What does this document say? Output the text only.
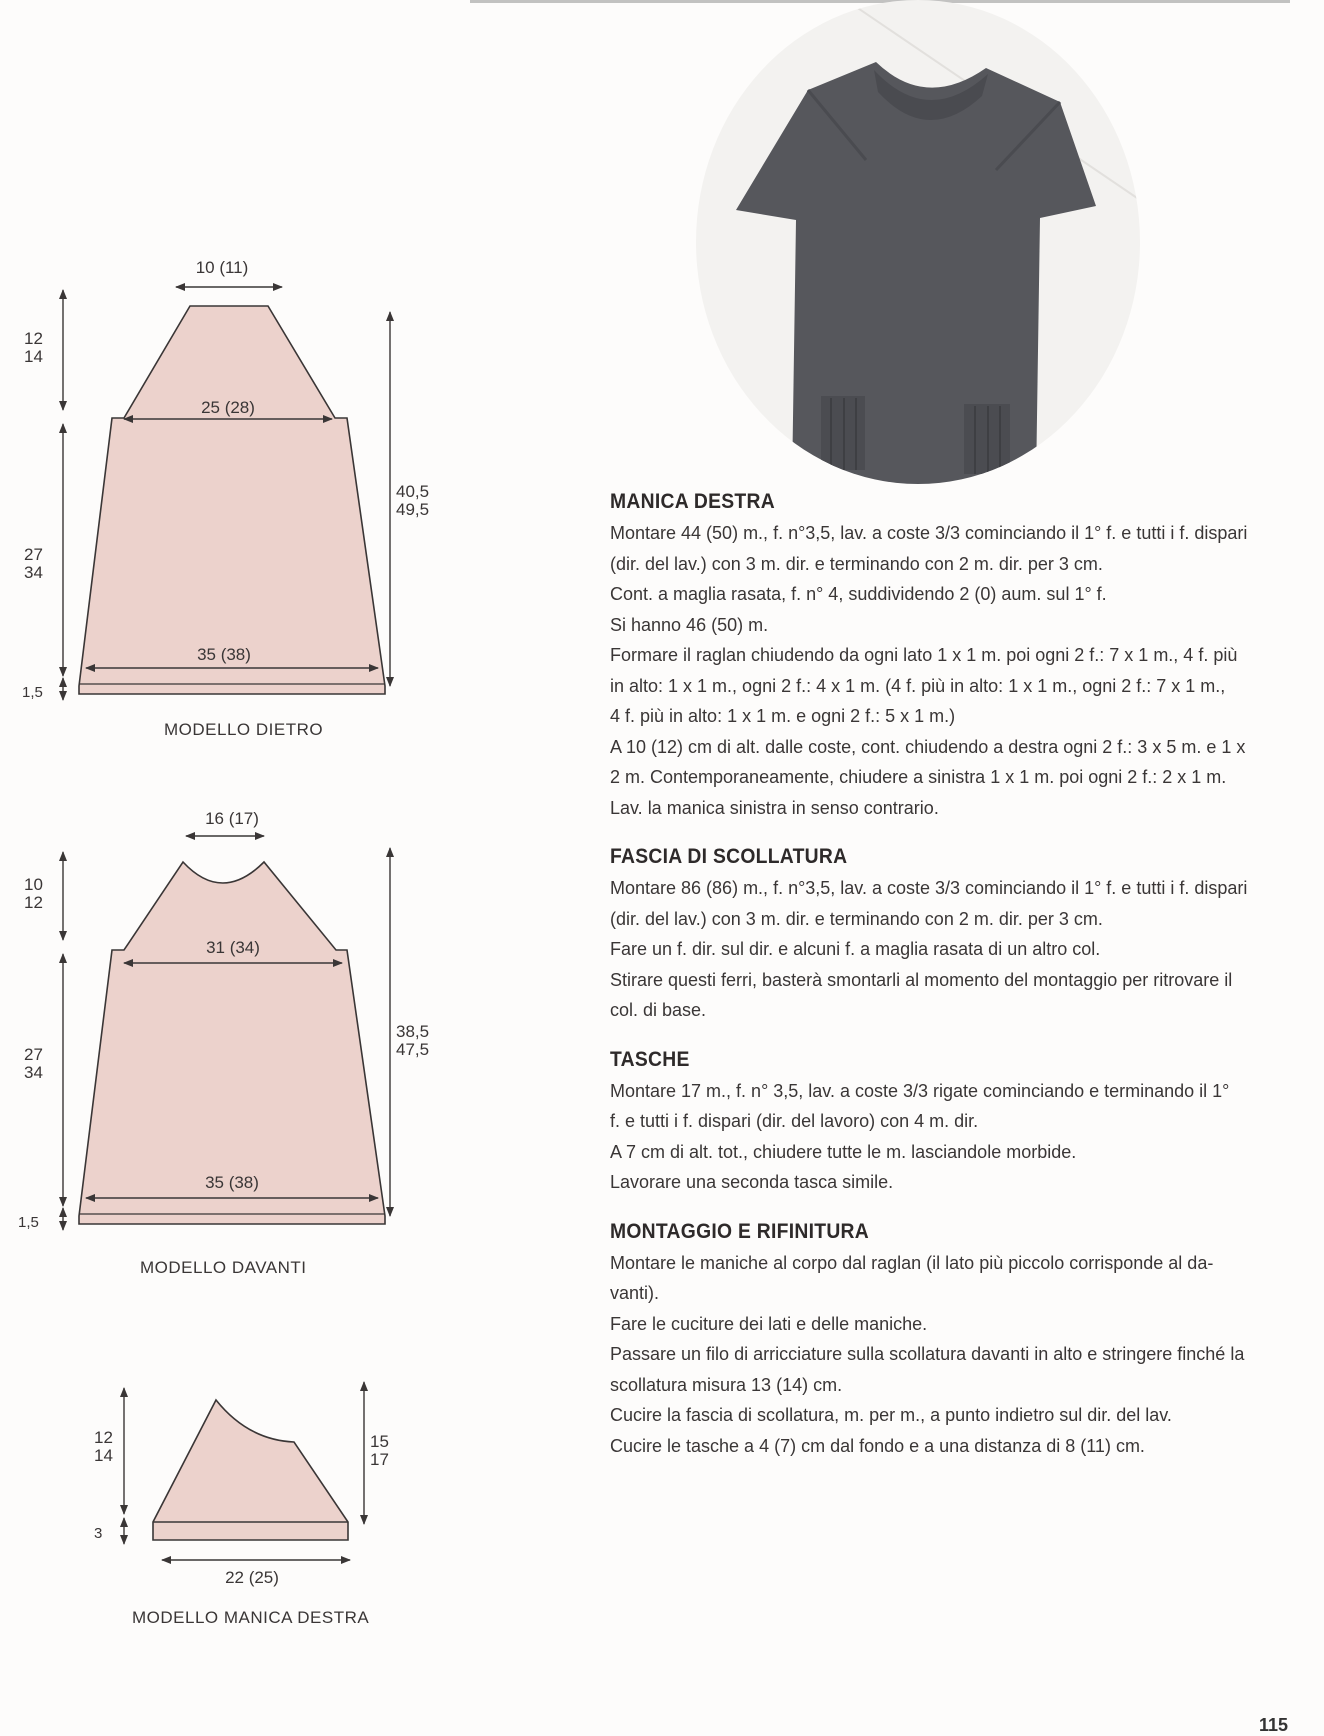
10 (11)
25 (28)
35 (38)
12 14
27 34
1,5
40,5 49,5
16 (17)
31 (34)
35 (38)
10 12
27 34
1,5
38,5 47,5
22 (25)
12 14
3
15 17
MODELLO DIETRO
MODELLO DAVANTI
MODELLO MANICA DESTRA
MANICA DESTRA

Montare 44 (50) m., f. n°3,5, lav. a coste 3/3 cominciando il 1° f. e tutti i f. dispari

(dir. del lav.) con 3 m. dir. e terminando con 2 m. dir. per 3 cm.

Cont. a maglia rasata, f. n° 4, suddividendo 2 (0) aum. sul 1° f.

Si hanno 46 (50) m.

Formare il raglan chiudendo da ogni lato 1 x 1 m. poi ogni 2 f.: 7 x 1 m., 4 f. più

in alto: 1 x 1 m., ogni 2 f.: 4 x 1 m. (4 f. più in alto: 1 x 1 m., ogni 2 f.: 7 x 1 m.,

4 f. più in alto: 1 x 1 m. e ogni 2 f.: 5 x 1 m.)

A 10 (12) cm di alt. dalle coste, cont. chiudendo a destra ogni 2 f.: 3 x 5 m. e 1 x

2 m. Contemporaneamente, chiudere a sinistra 1 x 1 m. poi ogni 2 f.: 2 x 1 m.

Lav. la manica sinistra in senso contrario.

FASCIA DI SCOLLATURA

Montare 86 (86) m., f. n°3,5, lav. a coste 3/3 cominciando il 1° f. e tutti i f. dispari

(dir. del lav.) con 3 m. dir. e terminando con 2 m. dir. per 3 cm.

Fare un f. dir. sul dir. e alcuni f. a maglia rasata di un altro col.

Stirare questi ferri, basterà smontarli al momento del montaggio per ritrovare il

col. di base.

TASCHE

Montare 17 m., f. n° 3,5, lav. a coste 3/3 rigate cominciando e terminando il 1°

f. e tutti i f. dispari (dir. del lavoro) con 4 m. dir.

A 7 cm di alt. tot., chiudere tutte le m. lasciandole morbide.

Lavorare una seconda tasca simile.

MONTAGGIO E RIFINITURA

Montare le maniche al corpo dal raglan (il lato più piccolo corrisponde al da-

vanti).

Fare le cuciture dei lati e delle maniche.

Passare un filo di arricciature sulla scollatura davanti in alto e stringere finché la

scollatura misura 13 (14) cm.

Cucire la fascia di scollatura, m. per m., a punto indietro sul dir. del lav.

Cucire le tasche a 4 (7) cm dal fondo e a una distanza di 8 (11) cm.

115
